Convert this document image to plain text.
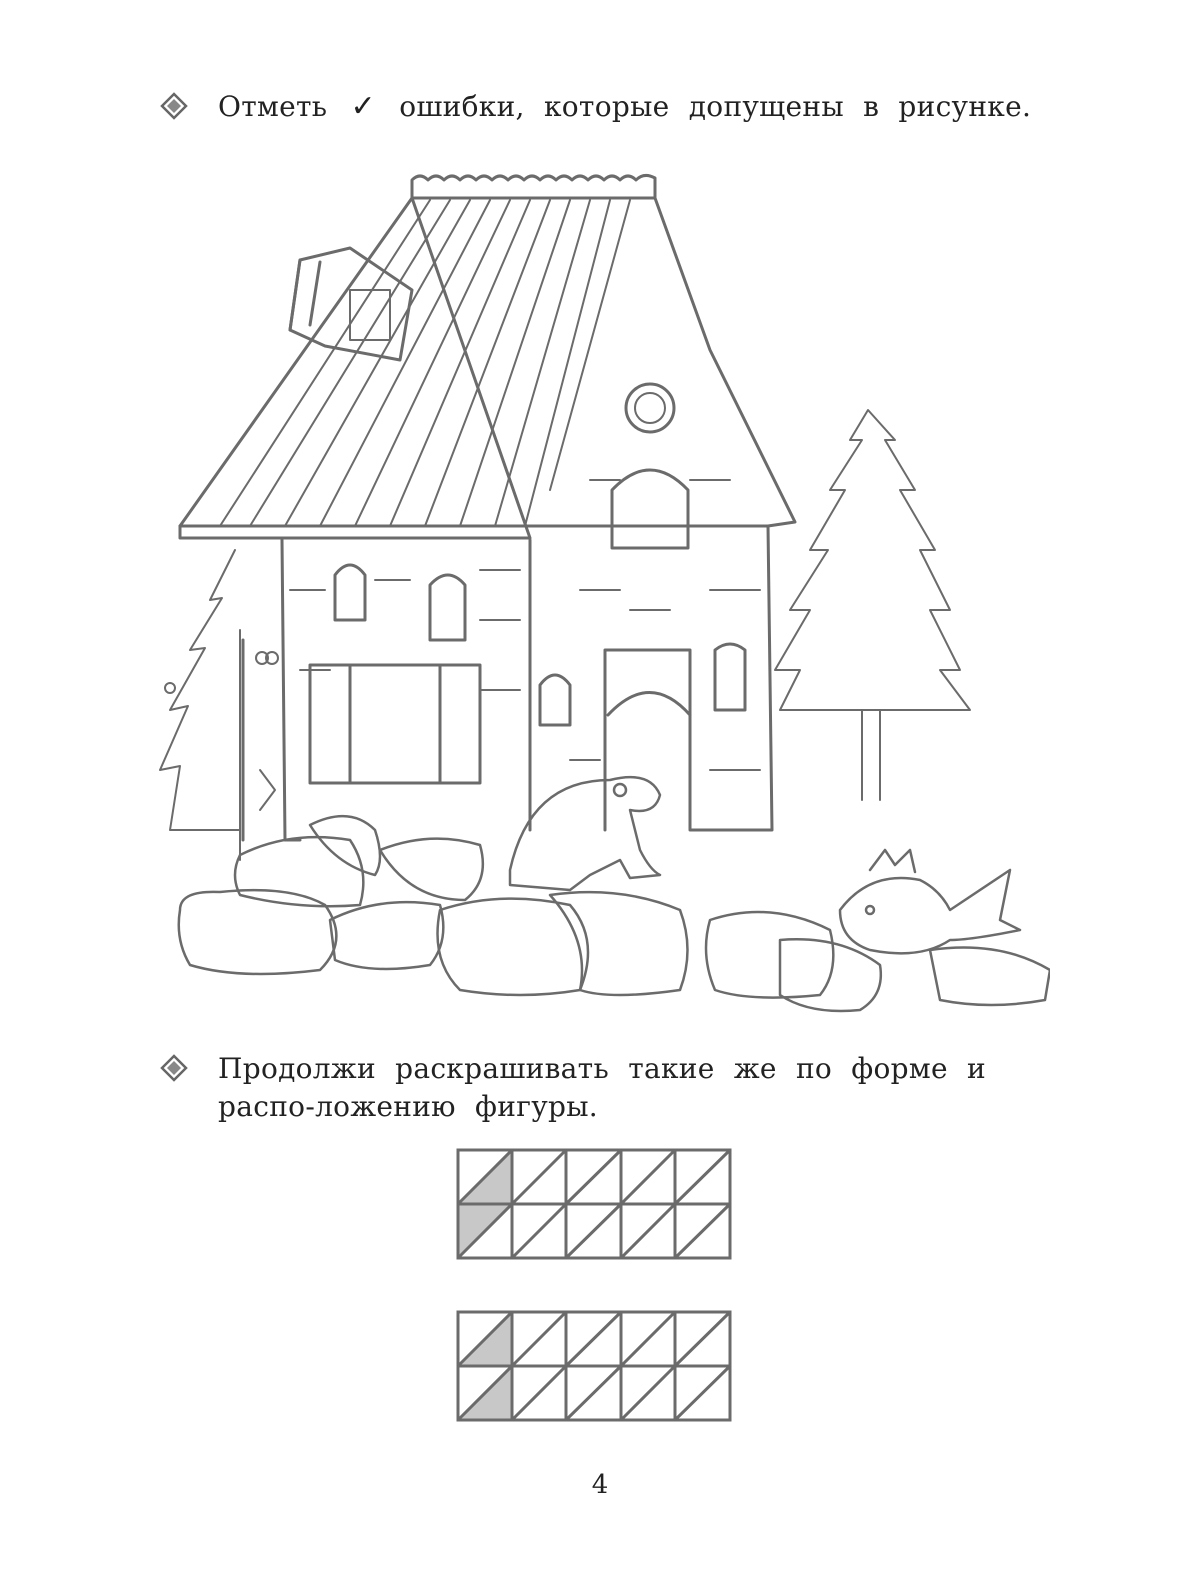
Отметь ✓ ошибки, которые допущены в рисунке.
Продолжи раскрашивать такие же по форме и распо-ложению фигуры.
4
